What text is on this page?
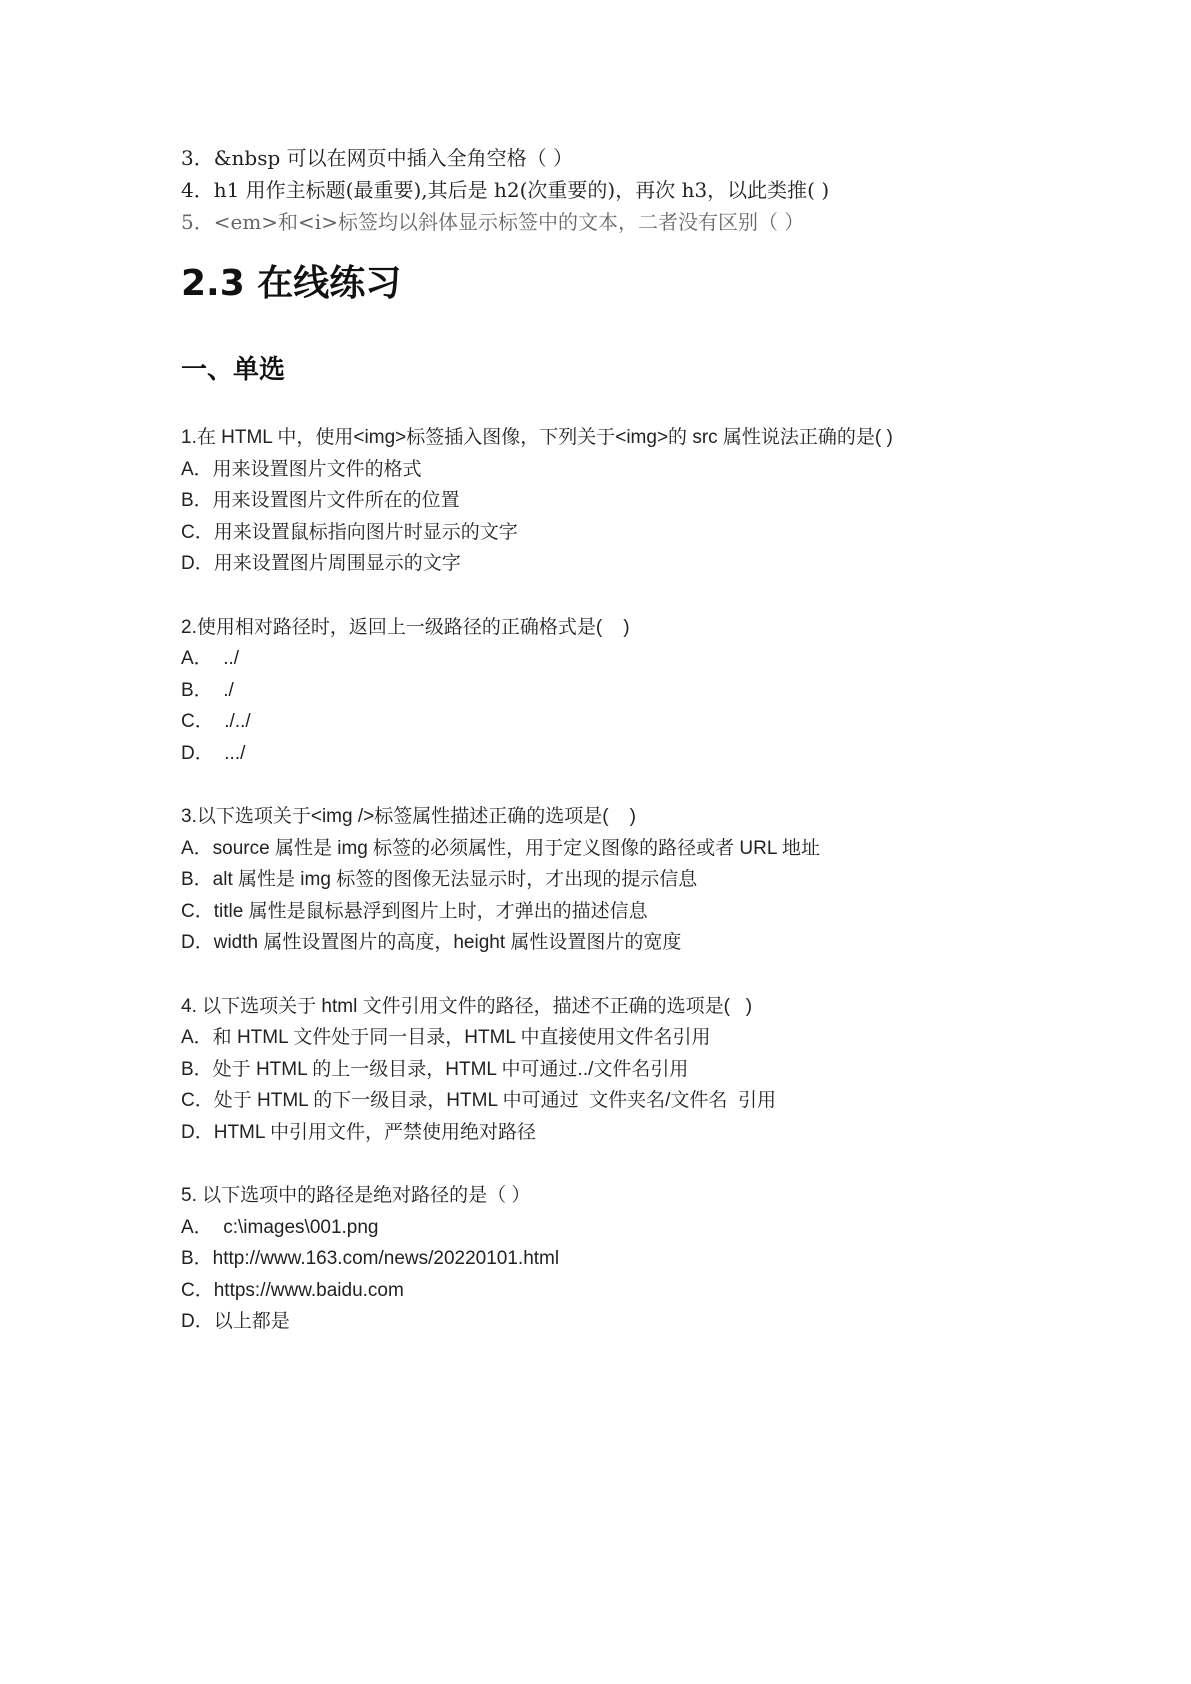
3．&nbsp 可以在网页中插入全角空格（ ）
4．h1 用作主标题(最重要),其后是 h2(次重要的)，再次 h3，以此类推( )
5．<em>和<i>标签均以斜体显示标签中的文本，二者没有区别（ ）
2.3 在线练习
一、单选
1.在 HTML 中，使用<img>标签插入图像，下列关于<img>的 src 属性说法正确的是( )
A．用来设置图片文件的格式
B．用来设置图片文件所在的位置
C．用来设置鼠标指向图片时显示的文字
D．用来设置图片周围显示的文字
2.使用相对路径时，返回上一级路径的正确格式是(    )
A．  ../
B．  ./
C．  ./../
D．  .../
3.以下选项关于<img />标签属性描述正确的选项是(    )
A．source 属性是 img 标签的必须属性，用于定义图像的路径或者 URL 地址
B．alt 属性是 img 标签的图像无法显示时，才出现的提示信息
C．title 属性是鼠标悬浮到图片上时，才弹出的描述信息
D．width 属性设置图片的高度，height 属性设置图片的宽度
4. 以下选项关于 html 文件引用文件的路径，描述不正确的选项是(   )
A．和 HTML 文件处于同一目录，HTML 中直接使用文件名引用
B．处于 HTML 的上一级目录，HTML 中可通过../文件名引用
C．处于 HTML 的下一级目录，HTML 中可通过  文件夹名/文件名  引用
D．HTML 中引用文件，严禁使用绝对路径
5. 以下选项中的路径是绝对路径的是（ ）
A．  c:\images\001.png
B．http://www.163.com/news/20220101.html
C．https://www.baidu.com
D．以上都是
